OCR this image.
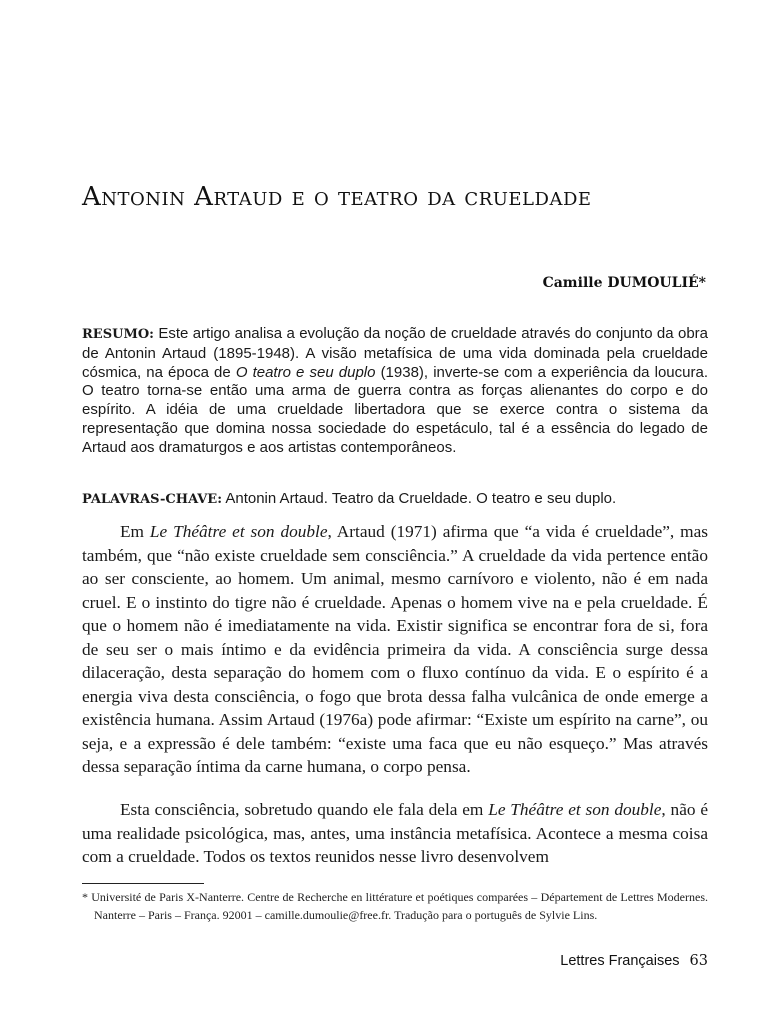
Antonin Artaud e o teatro da crueldade

Camille DUMOULIÉ*

RESUMO: Este artigo analisa a evolução da noção de crueldade através do conjunto da obra de Antonin Artaud (1895-1948). A visão metafísica de uma vida dominada pela crueldade cósmica, na época de O teatro e seu duplo (1938), inverte-se com a experiência da loucura. O teatro torna-se então uma arma de guerra contra as forças alienantes do corpo e do espírito. A idéia de uma crueldade libertadora que se exerce contra o sistema da representação que domina nossa sociedade do espetáculo, tal é a essência do legado de Artaud aos dramaturgos e aos artistas contemporâneos.

PALAVRAS-CHAVE: Antonin Artaud. Teatro da Crueldade. O teatro e seu duplo.

Em Le Théâtre et son double, Artaud (1971) afirma que “a vida é crueldade”, mas também, que “não existe crueldade sem consciência.” A crueldade da vida pertence então ao ser consciente, ao homem. Um animal, mesmo carnívoro e violento, não é em nada cruel. E o instinto do tigre não é crueldade. Apenas o homem vive na e pela crueldade. É que o homem não é imediatamente na vida. Existir significa se encontrar fora de si, fora de seu ser o mais íntimo e da evidência primeira da vida. A consciência surge dessa dilaceração, desta separação do homem com o fluxo contínuo da vida. E o espírito é a energia viva desta consciência, o fogo que brota dessa falha vulcânica de onde emerge a existência humana. Assim Artaud (1976a) pode afirmar: “Existe um espírito na carne”, ou seja, e a expressão é dele também: “existe uma faca que eu não esqueço.” Mas através dessa separação íntima da carne humana, o corpo pensa.

Esta consciência, sobretudo quando ele fala dela em Le Théâtre et son double, não é uma realidade psicológica, mas, antes, uma instância metafísica. Acontece a mesma coisa com a crueldade. Todos os textos reunidos nesse livro desenvolvem

* Université de Paris X-Nanterre. Centre de Recherche en littérature et poétiques comparées – Département de Lettres Modernes. Nanterre – Paris – França. 92001 – camille.dumoulie@free.fr. Tradução para o português de Sylvie Lins.

Lettres Françaises 63
